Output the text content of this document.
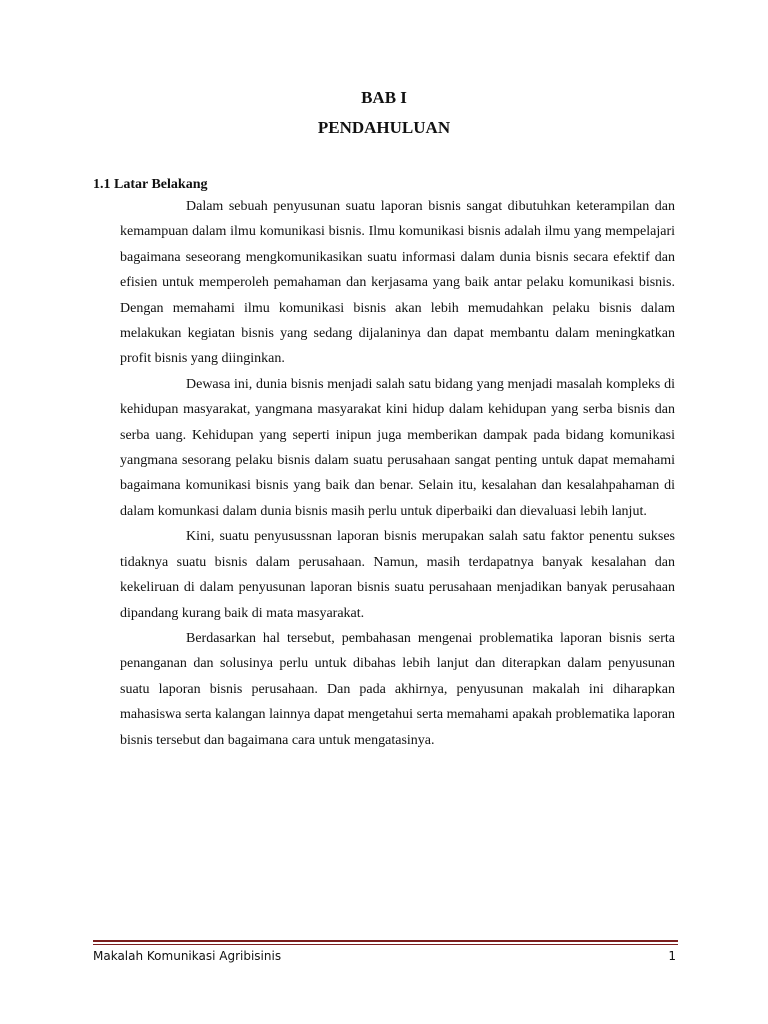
BAB I
PENDAHULUAN
1.1 Latar Belakang

Dalam sebuah penyusunan suatu laporan bisnis sangat dibutuhkan keterampilan dan kemampuan dalam ilmu komunikasi bisnis. Ilmu komunikasi bisnis adalah ilmu yang mempelajari bagaimana seseorang mengkomunikasikan suatu informasi dalam dunia bisnis secara efektif dan efisien untuk memperoleh pemahaman dan kerjasama yang baik antar pelaku komunikasi bisnis. Dengan memahami ilmu komunikasi bisnis akan lebih memudahkan pelaku bisnis dalam melakukan kegiatan bisnis yang sedang dijalaninya dan dapat membantu dalam meningkatkan profit bisnis yang diinginkan.

Dewasa ini, dunia bisnis menjadi salah satu bidang yang menjadi masalah kompleks di kehidupan masyarakat, yangmana masyarakat kini hidup dalam kehidupan yang serba bisnis dan serba uang. Kehidupan yang seperti inipun juga memberikan dampak pada bidang komunikasi yangmana sesorang pelaku bisnis dalam suatu perusahaan sangat penting untuk dapat memahami bagaimana komunikasi bisnis yang baik dan benar. Selain itu, kesalahan dan kesalahpahaman di dalam komunkasi dalam dunia bisnis masih perlu untuk diperbaiki dan dievaluasi lebih lanjut.

Kini, suatu penyusussnan laporan bisnis merupakan salah satu faktor penentu sukses tidaknya suatu bisnis dalam perusahaan. Namun, masih terdapatnya banyak kesalahan dan kekeliruan di dalam penyusunan laporan bisnis suatu perusahaan menjadikan banyak perusahaan dipandang kurang baik di mata masyarakat.

Berdasarkan hal tersebut, pembahasan mengenai problematika laporan bisnis serta penanganan dan solusinya perlu untuk dibahas lebih lanjut dan diterapkan dalam penyusunan suatu laporan bisnis perusahaan. Dan pada akhirnya, penyusunan makalah ini diharapkan mahasiswa serta kalangan lainnya dapat mengetahui serta memahami apakah problematika laporan bisnis tersebut dan bagaimana cara untuk mengatasinya.

Makalah Komunikasi Agribisinis	1
